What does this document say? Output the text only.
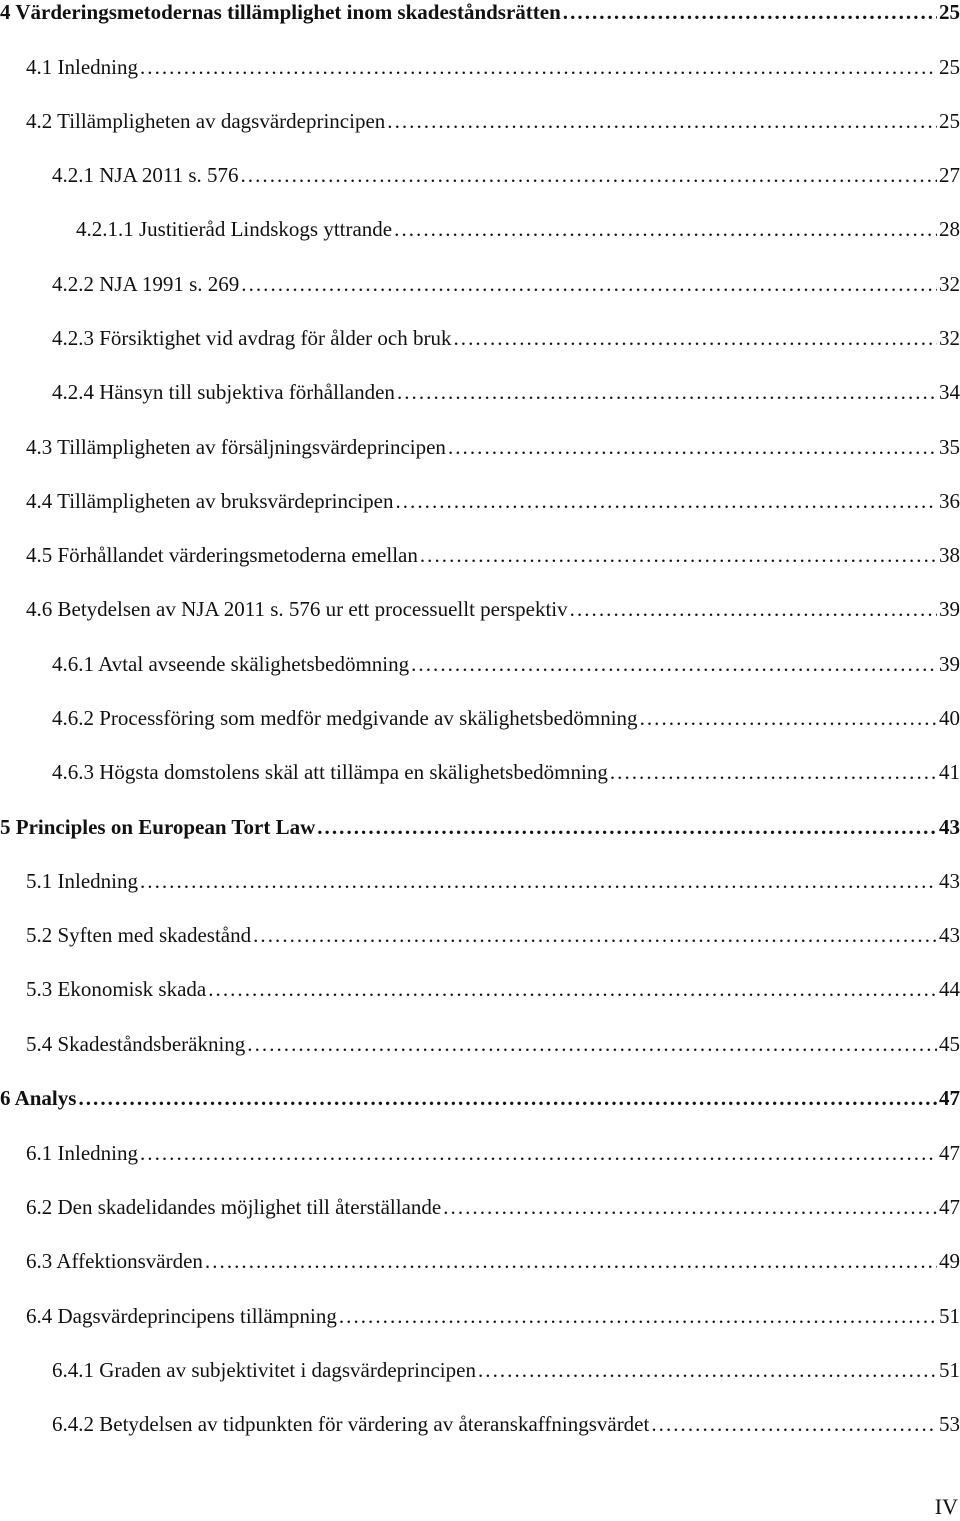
4 Värderingsmetodernas tillämplighet inom skadeståndsrätten . . .	25
4.1 Inledning . . .	25
4.2 Tillämpligheten av dagsvärdeprincipen . . .	25
4.2.1 NJA 2011 s. 576 . . .	27
4.2.1.1 Justitieråd Lindskogs yttrande . . .	28
4.2.2 NJA 1991 s. 269 . . .	32
4.2.3 Försiktighet vid avdrag för ålder och bruk . . .	32
4.2.4 Hänsyn till subjektiva förhållanden . . .	34
4.3 Tillämpligheten av försäljningsvärdeprincipen . . .	35
4.4 Tillämpligheten av bruksvärdeprincipen . . .	36
4.5 Förhållandet värderingsmetoderna emellan . . .	38
4.6 Betydelsen av NJA 2011 s. 576 ur ett processuellt perspektiv . . .	39
4.6.1 Avtal avseende skälighetsbedömning . . .	39
4.6.2 Processföring som medför medgivande av skälighetsbedömning . . .	40
4.6.3 Högsta domstolens skäl att tillämpa en skälighetsbedömning . . .	41
5 Principles on European Tort Law . . .	43
5.1 Inledning . . .	43
5.2 Syften med skadestånd . . .	43
5.3 Ekonomisk skada . . .	44
5.4 Skadeståndsberäkning . . .	45
6 Analys . . .	47
6.1 Inledning . . .	47
6.2 Den skadelidandes möjlighet till återställande . . .	47
6.3 Affektionsvärden . . .	49
6.4 Dagsvärdeprincipens tillämpning . . .	51
6.4.1 Graden av subjektivitet i dagsvärdeprincipen . . .	51
6.4.2 Betydelsen av tidpunkten för värdering av återanskaffningsvärdet . . .	53
IV
